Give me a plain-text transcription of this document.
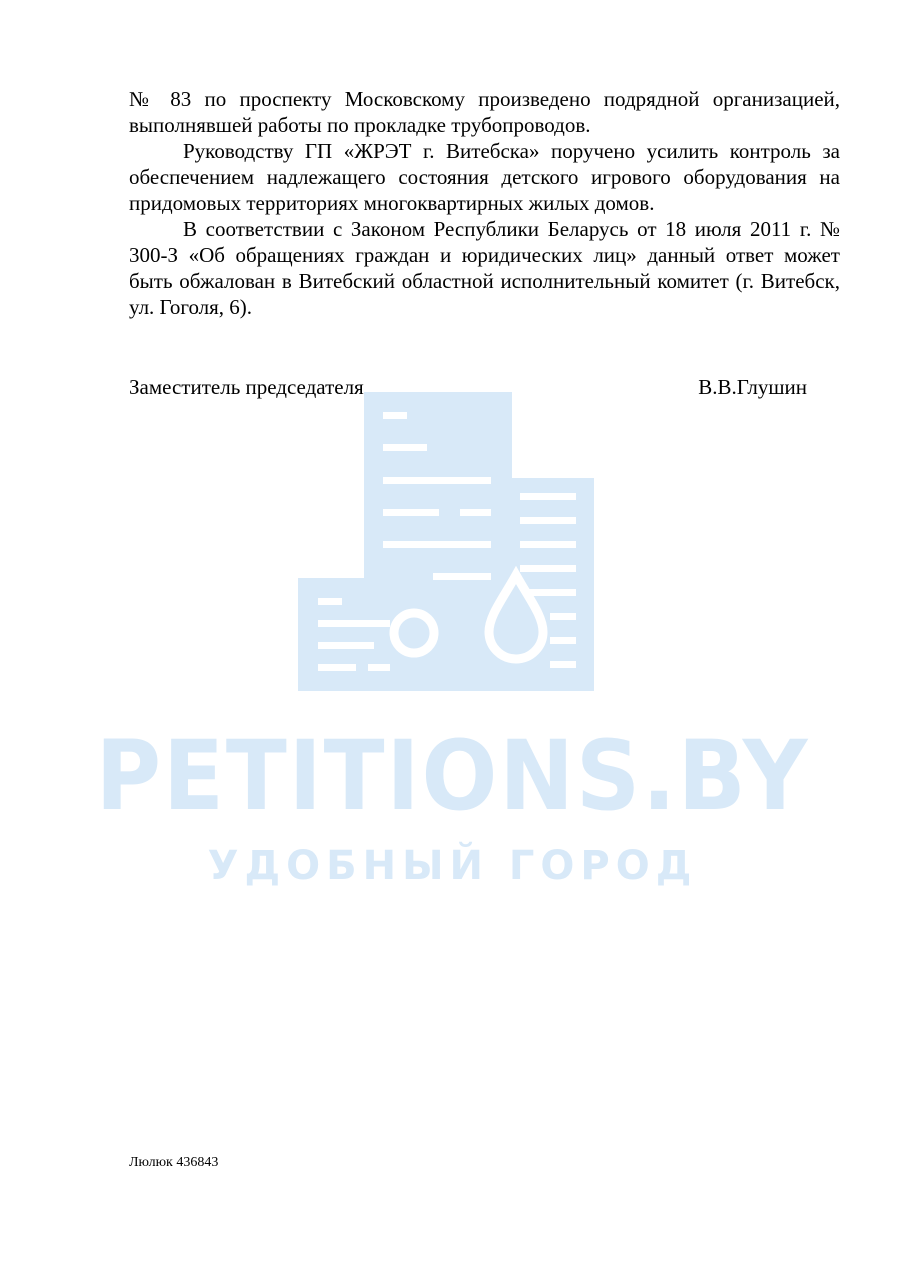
PETITIONS.BY
УДОБНЫЙ ГОРОД

№ 83 по проспекту Московскому произведено подрядной организацией, выполнявшей работы по прокладке трубопроводов.

Руководству ГП «ЖРЭТ г. Витебска» поручено усилить контроль за обеспечением надлежащего состояния детского игрового оборудования на придомовых территориях многоквартирных жилых домов.

В соответствии с Законом Республики Беларусь от 18 июля 2011 г. № 300-З «Об обращениях граждан и юридических лиц» данный ответ может быть обжалован в Витебский областной исполнительный комитет (г. Витебск, ул. Гоголя, 6).

Заместитель председателя	В.В.Глушин
Люлюк 436843
